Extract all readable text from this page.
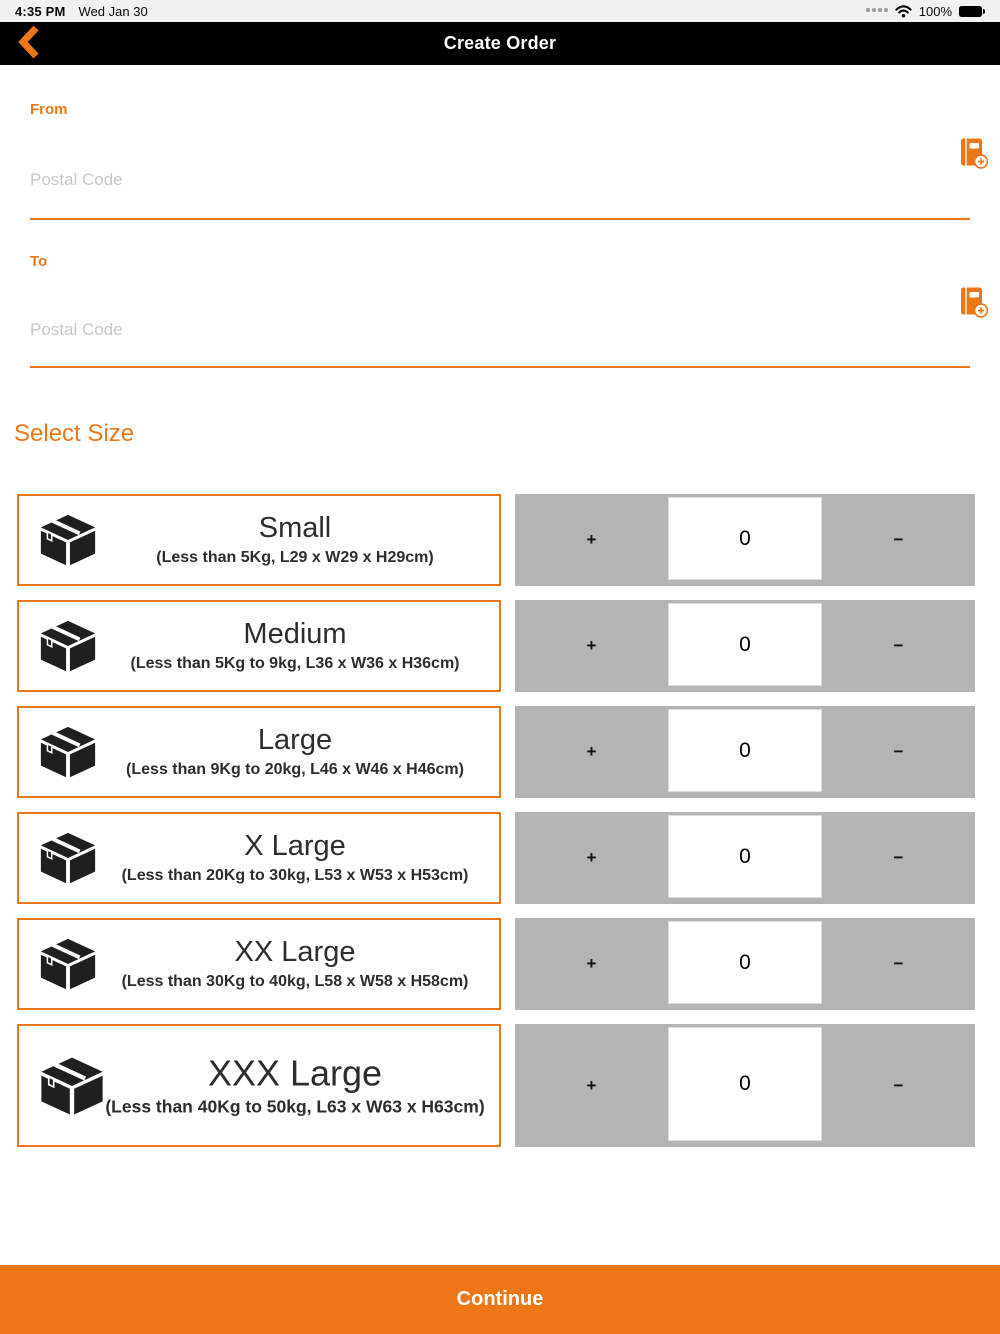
4:35 PM Wed Jan 30	100%
Create Order
From
Postal Code
To
Postal Code
Select Size
Small
(Less than 5Kg, L29 x W29 x H29cm)
+	0	−
Medium
(Less than 5Kg to 9kg, L36 x W36 x H36cm)
+	0	−
Large
(Less than 9Kg to 20kg, L46 x W46 x H46cm)
+	0	−
X Large
(Less than 20Kg to 30kg, L53 x W53 x H53cm)
+	0	−
XX Large
(Less than 30Kg to 40kg, L58 x W58 x H58cm)
+	0	−
XXX Large
(Less than 40Kg to 50kg, L63 x W63 x H63cm)
+	0	−
Continue
